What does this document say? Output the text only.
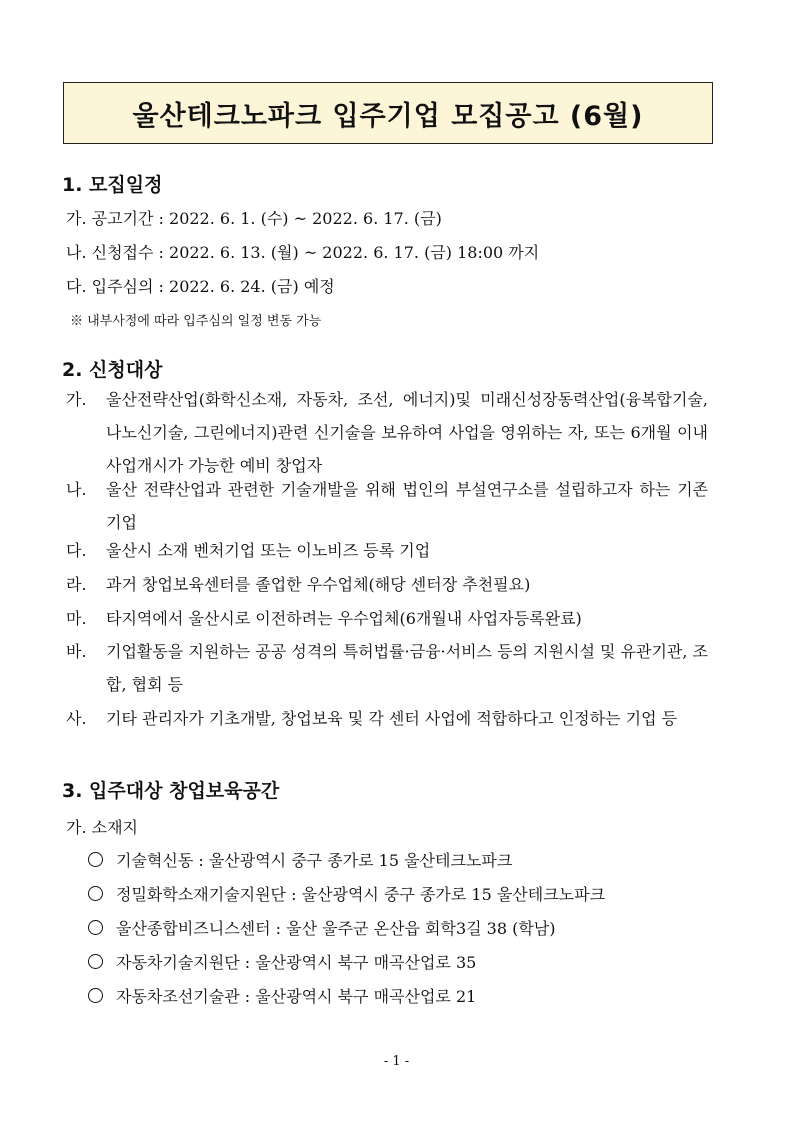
울산테크노파크 입주기업 모집공고 (6월)
1. 모집일정
가. 공고기간 : 2022. 6. 1. (수) ~ 2022. 6. 17. (금)
나. 신청접수 : 2022. 6. 13. (월) ~ 2022. 6. 17. (금) 18:00 까지
다. 입주심의 : 2022. 6. 24. (금) 예정
※ 내부사정에 따라 입주심의 일정 변동 가능
2. 신청대상
가. 울산전략산업(화학신소재, 자동차, 조선, 에너지)및 미래신성장동력산업(융복합기술, 나노신기술, 그린에너지)관련 신기술을 보유하여 사업을 영위하는 자, 또는 6개월 이내 사업개시가 가능한 예비 창업자
나. 울산 전략산업과 관련한 기술개발을 위해 법인의 부설연구소를 설립하고자 하는 기존 기업
다. 울산시 소재 벤처기업 또는 이노비즈 등록 기업
라. 과거 창업보육센터를 졸업한 우수업체(해당 센터장 추천필요)
마. 타지역에서 울산시로 이전하려는 우수업체(6개월내 사업자등록완료)
바. 기업활동을 지원하는 공공 성격의 특허법률·금융·서비스 등의 지원시설 및 유관기관, 조합, 협회 등
사. 기타 관리자가 기초개발, 창업보육 및 각 센터 사업에 적합하다고 인정하는 기업 등
3. 입주대상 창업보육공간
가. 소재지
기술혁신동 : 울산광역시 중구 종가로 15 울산테크노파크
정밀화학소재기술지원단 : 울산광역시 중구 종가로 15 울산테크노파크
울산종합비즈니스센터 : 울산 울주군 온산읍 회학3길 38 (학남)
자동차기술지원단 : 울산광역시 북구 매곡산업로 35
자동차조선기술관 : 울산광역시 북구 매곡산업로 21
- 1 -
